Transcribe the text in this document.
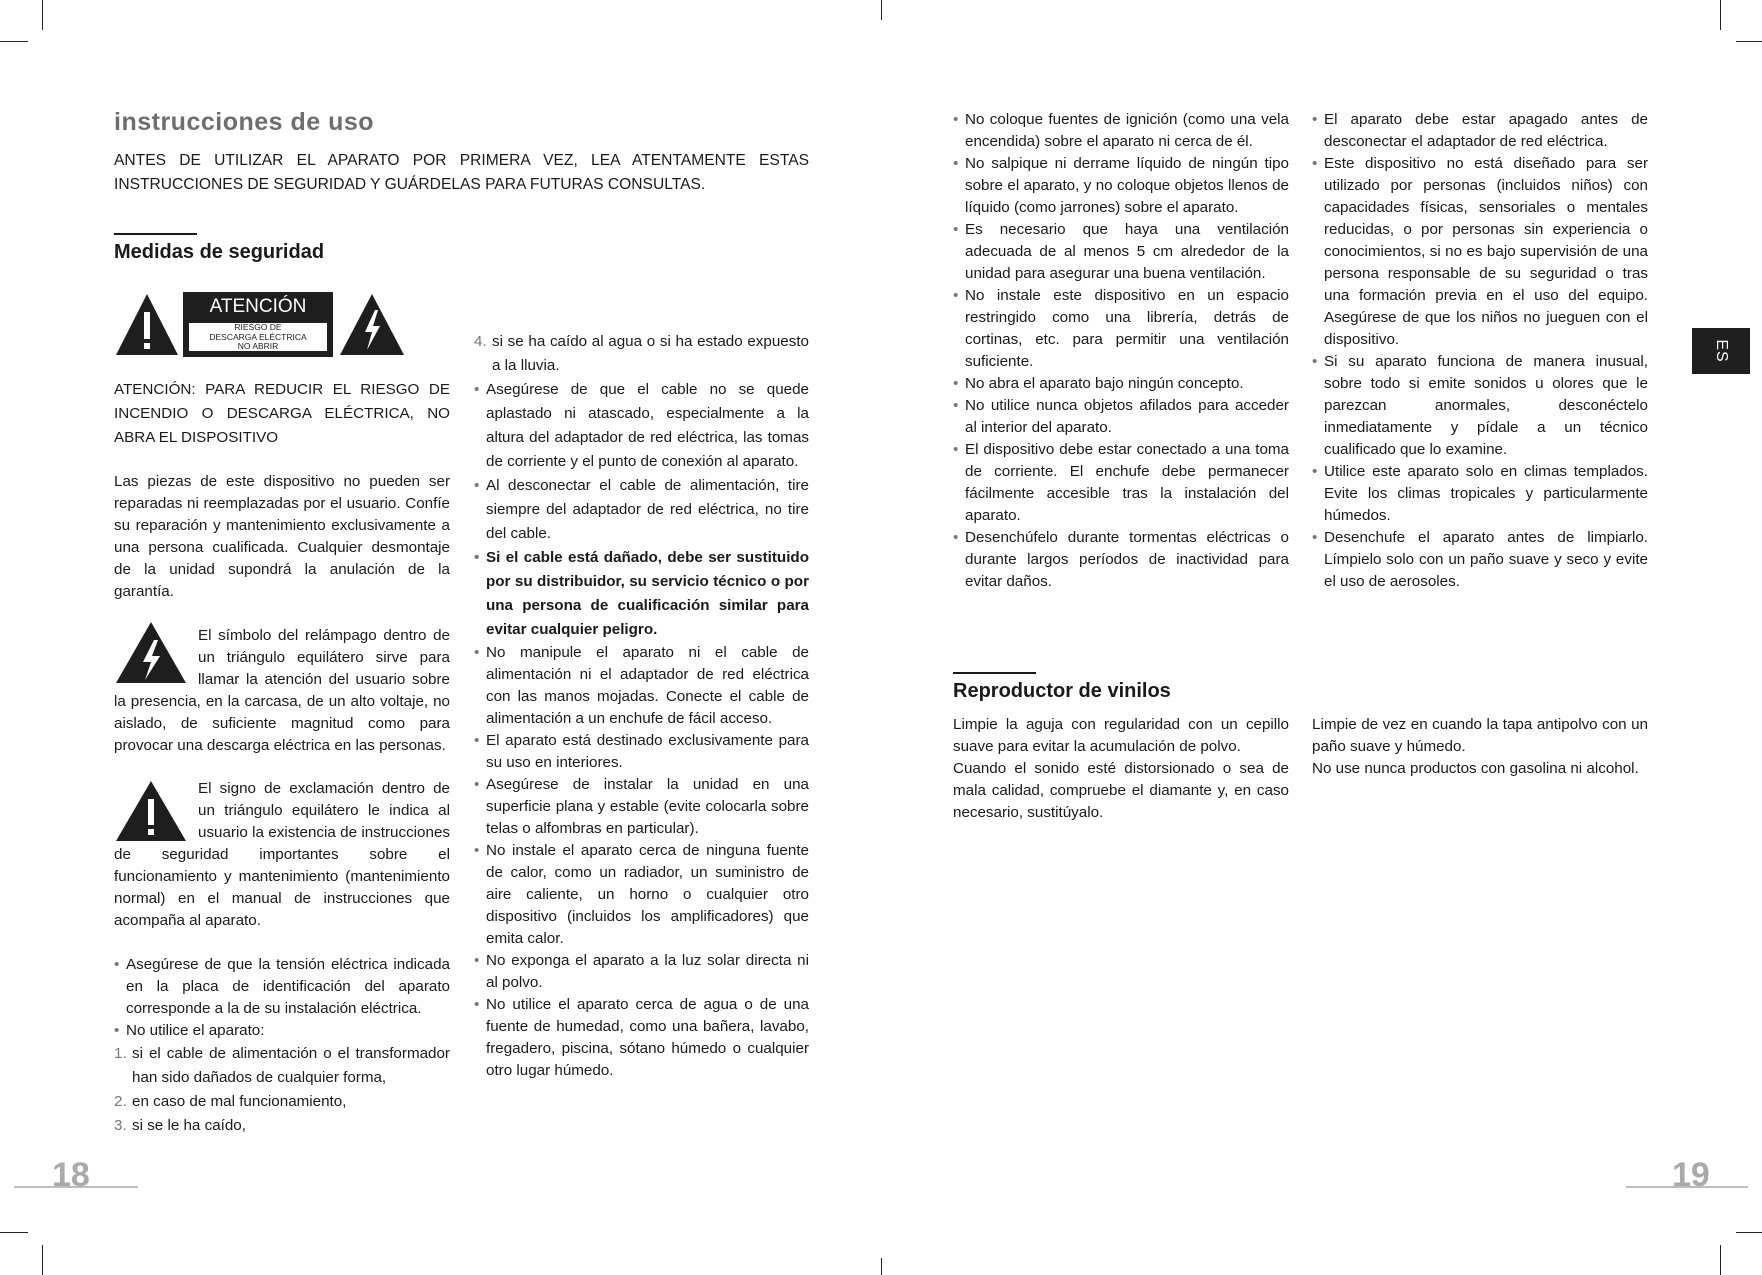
instrucciones de uso
ANTES DE UTILIZAR EL APARATO POR PRIMERA VEZ, LEA ATENTAMENTE ESTAS INSTRUCCIONES DE SEGURIDAD Y GUÁRDELAS PARA FUTURAS CONSULTAS.
Medidas de seguridad
ATENCIÓN
RIESGO DE
DESCARGA ELÉCTRICA
NO ABRIR
ATENCIÓN: PARA REDUCIR EL RIESGO DE INCENDIO O DESCARGA ELÉCTRICA, NO ABRA EL DISPOSITIVO
Las piezas de este dispositivo no pueden ser reparadas ni reemplazadas por el usuario. Confíe su reparación y mantenimiento exclusivamente a una persona cualificada. Cualquier desmontaje de la unidad supondrá la anulación de la garantía.
El símbolo del relámpago dentro de un triángulo equilátero sirve para llamar la atención del usuario sobre la presencia, en la carcasa, de un alto voltaje, no aislado, de suficiente magnitud como para provocar una descarga eléctrica en las personas.
El signo de exclamación dentro de un triángulo equilátero le indica al usuario la existencia de instrucciones de seguridad importantes sobre el funcionamiento y mantenimiento (mantenimiento normal) en el manual de instrucciones que acompaña al aparato.

• Asegúrese de que la tensión eléctrica indicada en la placa de identificación del aparato corresponde a la de su instalación eléctrica.

• No utilice el aparato:

1. si el cable de alimentación o el transformador han sido dañados de cualquier forma,

2. en caso de mal funcionamiento,

3. si se le ha caído,

4. si se ha caído al agua o si ha estado expuesto a la lluvia.

• Asegúrese de que el cable no se quede aplastado ni atascado, especialmente a la altura del adaptador de red eléctrica, las tomas de corriente y el punto de conexión al aparato.

• Al desconectar el cable de alimentación, tire siempre del adaptador de red eléctrica, no tire del cable.

• Si el cable está dañado, debe ser sustituido por su distribuidor, su servicio técnico o por una persona de cualificación similar para evitar cualquier peligro.

• No manipule el aparato ni el cable de alimentación ni el adaptador de red eléctrica con las manos mojadas. Conecte el cable de alimentación a un enchufe de fácil acceso.

• El aparato está destinado exclusivamente para su uso en interiores.

• Asegúrese de instalar la unidad en una superficie plana y estable (evite colocarla sobre telas o alfombras en particular).

• No instale el aparato cerca de ninguna fuente de calor, como un radiador, un suministro de aire caliente, un horno o cualquier otro dispositivo (incluidos los amplificadores) que emita calor.

• No exponga el aparato a la luz solar directa ni al polvo.

• No utilice el aparato cerca de agua o de una fuente de humedad, como una bañera, lavabo, fregadero, piscina, sótano húmedo o cualquier otro lugar húmedo.

18

• No coloque fuentes de ignición (como una vela encendida) sobre el aparato ni cerca de él.

• No salpique ni derrame líquido de ningún tipo sobre el aparato, y no coloque objetos llenos de líquido (como jarrones) sobre el aparato.

• Es necesario que haya una ventilación adecuada de al menos 5 cm alrededor de la unidad para asegurar una buena ventilación.

• No instale este dispositivo en un espacio restringido como una librería, detrás de cortinas, etc. para permitir una ventilación suficiente.

• No abra el aparato bajo ningún concepto.

• No utilice nunca objetos afilados para acceder al interior del aparato.

• El dispositivo debe estar conectado a una toma de corriente. El enchufe debe permanecer fácilmente accesible tras la instalación del aparato.

• Desenchúfelo durante tormentas eléctricas o durante largos períodos de inactividad para evitar daños.

• El aparato debe estar apagado antes de desconectar el adaptador de red eléctrica.

• Este dispositivo no está diseñado para ser utilizado por personas (incluidos niños) con capacidades físicas, sensoriales o mentales reducidas, o por personas sin experiencia o conocimientos, si no es bajo supervisión de una persona responsable de su seguridad o tras una formación previa en el uso del equipo. Asegúrese de que los niños no jueguen con el dispositivo.

• Si su aparato funciona de manera inusual, sobre todo si emite sonidos u olores que le parezcan anormales, desconéctelo inmediatamente y pídale a un técnico cualificado que lo examine.

• Utilice este aparato solo en climas templados. Evite los climas tropicales y particularmente húmedos.

• Desenchufe el aparato antes de limpiarlo. Límpielo solo con un paño suave y seco y evite el uso de aerosoles.

ES
Reproductor de vinilos

Limpie la aguja con regularidad con un cepillo suave para evitar la acumulación de polvo.

Cuando el sonido esté distorsionado o sea de mala calidad, compruebe el diamante y, en caso necesario, sustitúyalo.

Limpie de vez en cuando la tapa antipolvo con un paño suave y húmedo.

No use nunca productos con gasolina ni alcohol.

19
